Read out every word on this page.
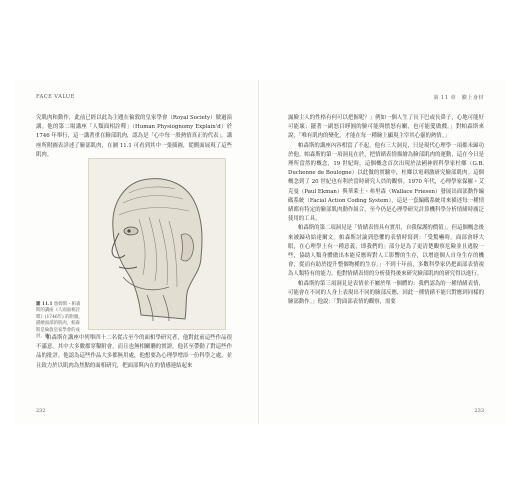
FACE VALUE

究肌肉和動作，此前已經以此為主題在倫敦的皇家學會（Royal Society）做過演講。他的第二場講座「人類面相詮釋」（Human Physiognomy Explain'd）於 1746 年舉行，這一講著重在臉部肌肉，認為是「心中每一股熱情真正的代表」。講座所附圖表詳述了臉部肌肉，在圖 11.1 可看到其中一張插圖，從側面展現了這些肌肉。

圖 11.1 詹姆斯・帕森斯的講座《人面面相詮釋》(1746年) 的附圖，描繪面部的肌肉，帕森斯是倫敦皇家學會的成員，他

帕森斯在講座中列舉四十二名從古至今的面相學研究者，他對此前這些作品很不滿意。其中大多數都穿鑿附會，而且也無相關聯的實證。他甚至帶動了對這些作品的批評。他認為這些作品大多都無用處，他想要為心理學增添一份科學之處，並且致力於以肌肉為焦點的面相研究，把面部與內在的情感連結起來

232
第 11 章　臉上身材

露臉主人的性格有何可以把握呢？」例如一個人生了長下巴或長鼻子，心地可能好可能壞；擺著一副怒目睜圓的臉可能與憤怒有關，也可能愛做戲。」對帕森斯來說，「唯有肌肉的變化，才能在每一種臉上顯現主宰其心靈的熱情。」

帕森斯的講座內容相當了不起。他有三大洞見，只是現代心理學一項都未歸功於他。帕森斯的第一項洞見在於，把情緒表情描繪為臉部肌肉的運動，這在今日是理所當然的概念，19 世紀時，這個概念首次出現於法國神經科學家杜鄉（G.B. Duchenne de Boulogne）以此做的實驗中，杜鄉以電刺激研究臉部肌肉。這個概念到了 20 世紀也有利於當時研究人員的觀察。1970 年代，心理學家保羅・艾克曼（Paul Ekman）與華萊士・弗里森（Wallace Friesen）發展出面部動作編碼系統（Facial Action Coding System），這是一套編碼系統用來描述每一種情緒都有特定的臉部肌肉動作組合，至今仍是心理學研究計算機科學分析情緒時廣泛使用的工具。

帕森斯的第二項洞見是「情緒表情具有實用、自我保護的價值」。但這個概念後來被歸功給達爾文。帕森斯討論到恐懼的表情時寫到：「受驚嚇時，面部會睜大眼，在心理學上有一種意義，即我們的」部分是為了更清楚觀察危險並且逃脫一些，協助人類身體做出本能反應時對人工影響的生存，以增進個人自身生存的機會，從而有助於提升整個物種的生存。」不到十年前，多數科學家仍把面部表情視為人類特有的能力。他對情緒表情的分析使得後來研究臉部肌肉的研究得以進行。

帕森斯的第三項洞見是表情並不屬於單一個體的：我們認為的一種情緒表情，可能會在不同的人身上表現出不同的臉部反應，因此一種情緒不能只對應到同樣的臉部動作。」他說：「對面部表情的觀察，需要

233
